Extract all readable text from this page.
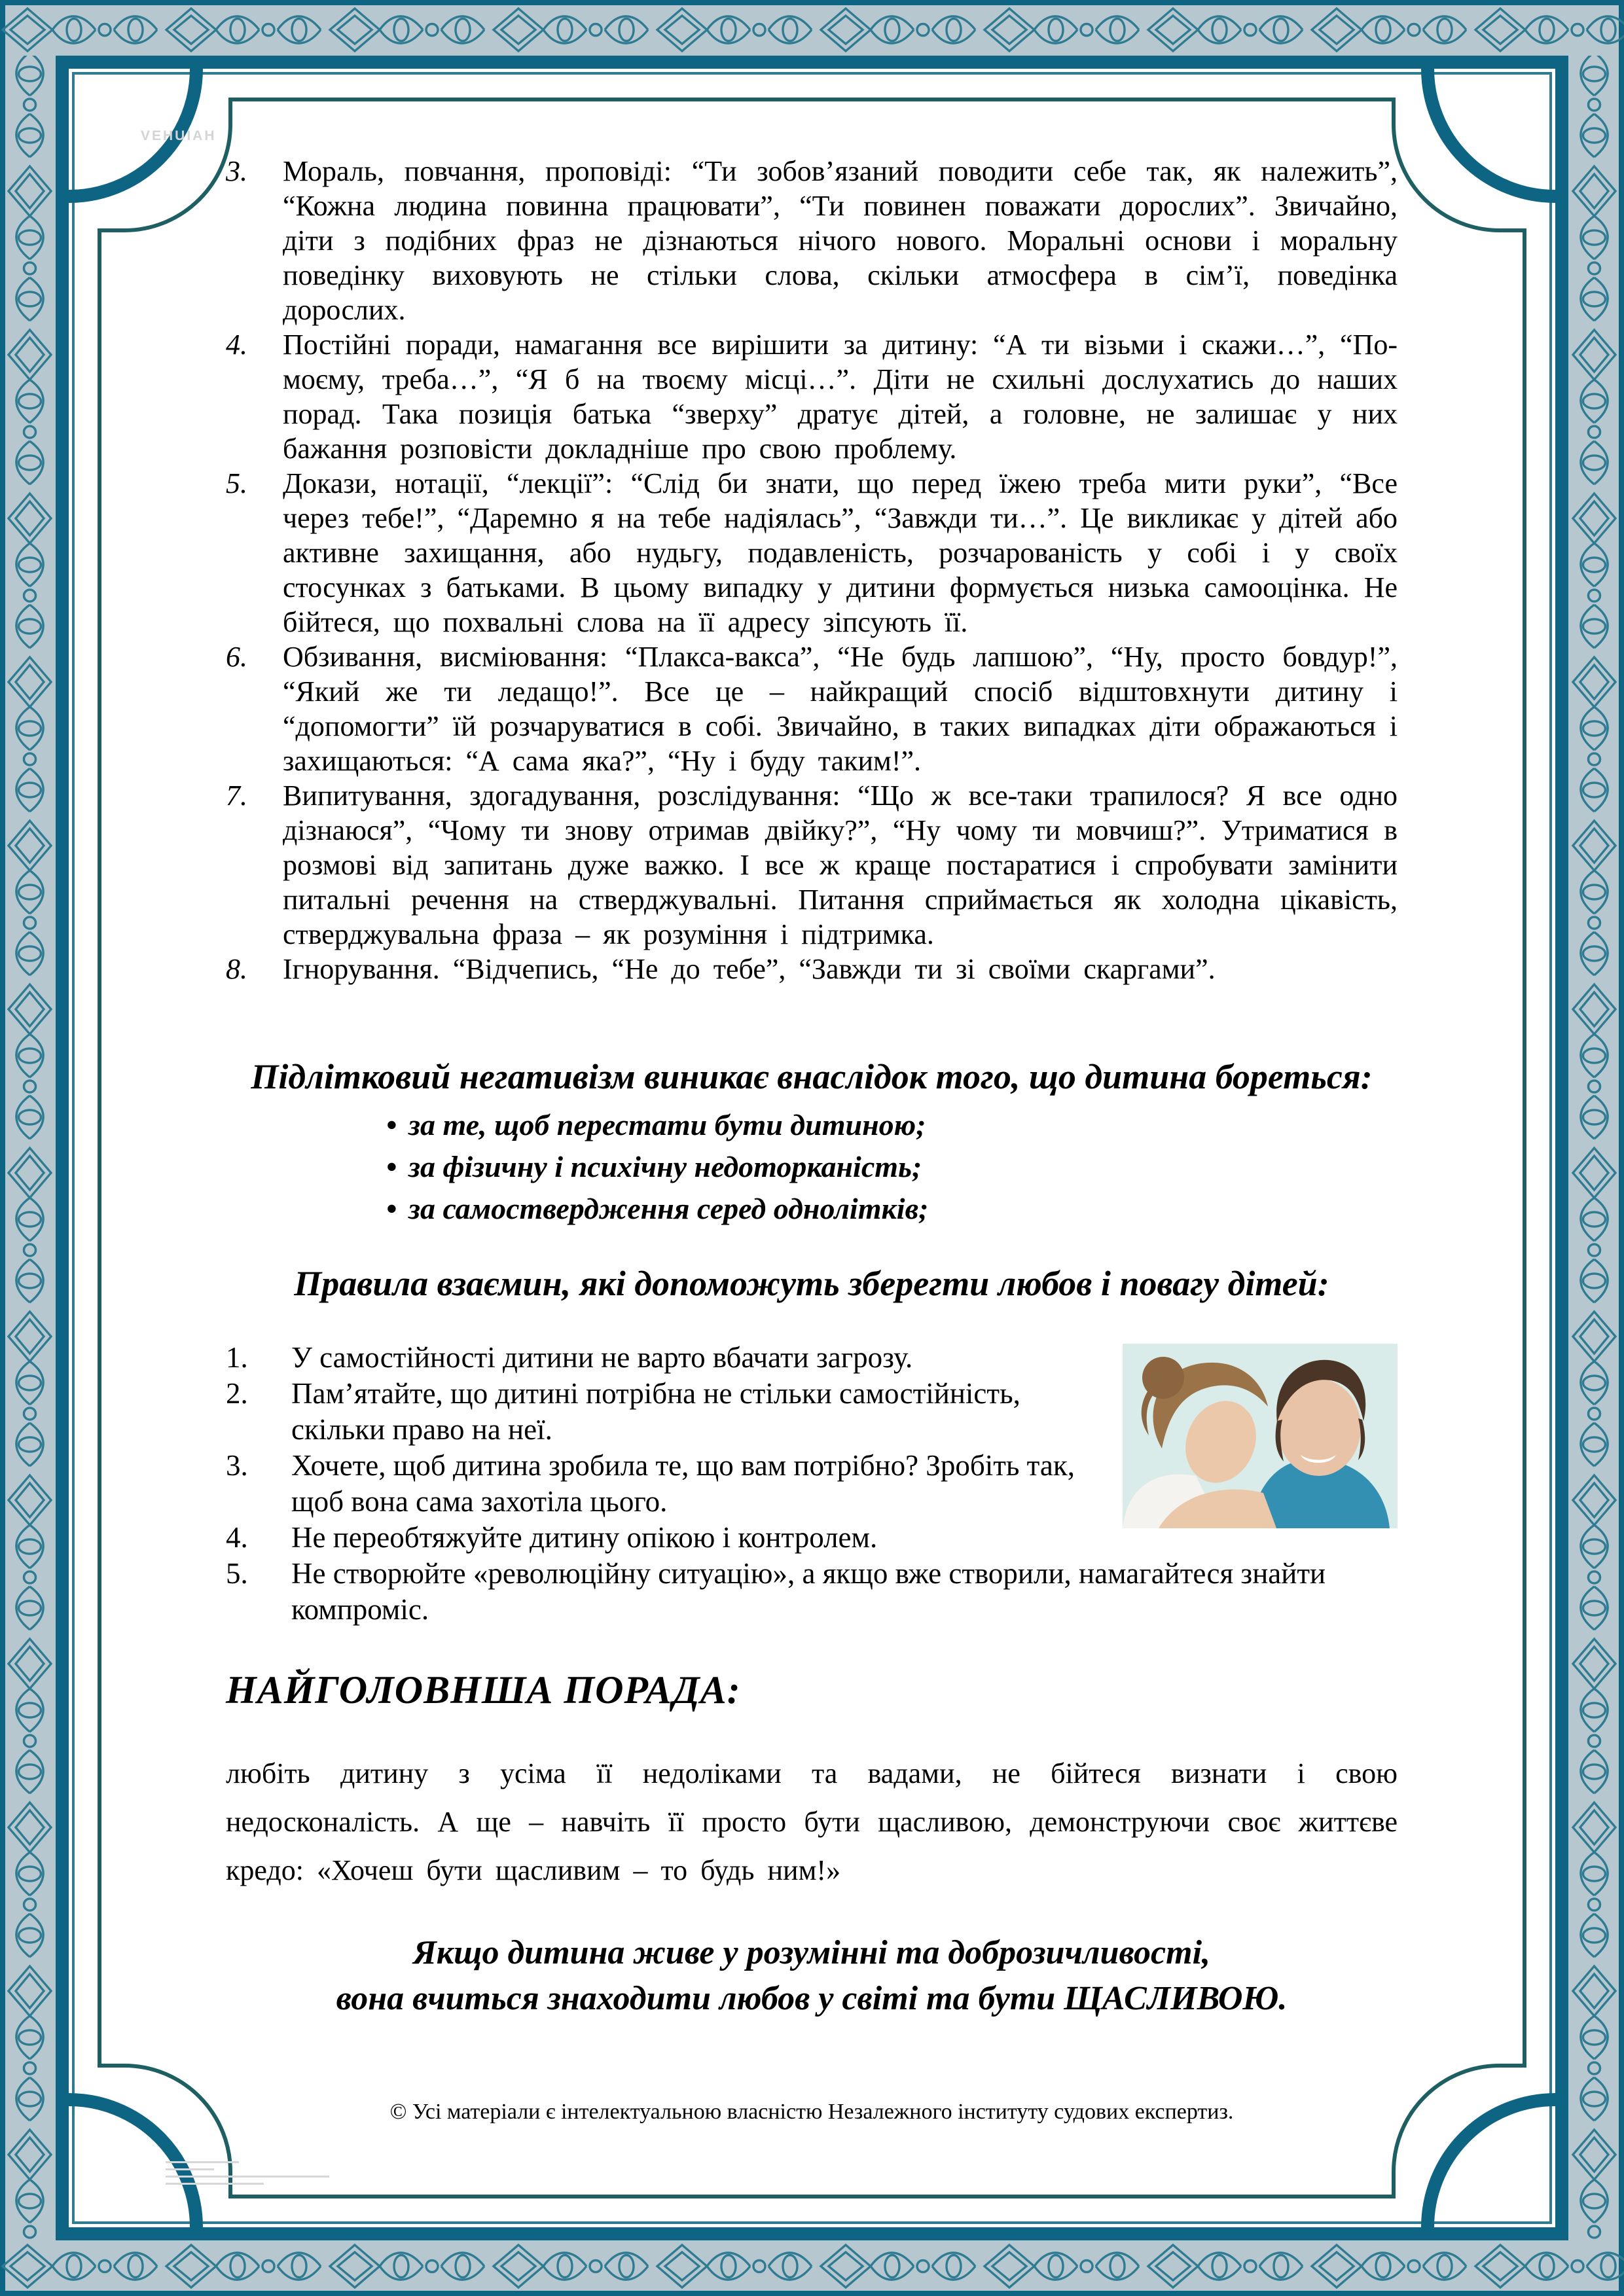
VEHUIAH
3. Мораль, повчання, проповіді: “Ти зобов’язаний поводити себе так, як належить”, “Кожна людина повинна працювати”, “Ти повинен поважати дорослих”. Звичайно, діти з подібних фраз не дізнаються нічого нового. Моральні основи і моральну поведінку виховують не стільки слова, скільки атмосфера в сім’ї, поведінка дорослих.
4. Постійні поради, намагання все вирішити за дитину: “А ти візьми і скажи…”, “По-моєму, треба…”, “Я б на твоєму місці…”. Діти не схильні дослухатись до наших порад. Така позиція батька “зверху” дратує дітей, а головне, не залишає у них бажання розповісти докладніше про свою проблему.
5. Докази, нотації, “лекції”: “Слід би знати, що перед їжею треба мити руки”, “Все через тебе!”, “Даремно я на тебе надіялась”, “Завжди ти…”. Це викликає у дітей або активне захищання, або нудьгу, подавленість, розчарованість у собі і у своїх стосунках з батьками. В цьому випадку у дитини формується низька самооцінка. Не бійтеся, що похвальні слова на її адресу зіпсують її.
6. Обзивання, висміювання: “Плакса-вакса”, “Не будь лапшою”, “Ну, просто бовдур!”, “Який же ти ледащо!”. Все це – найкращий спосіб відштовхнути дитину і “допомогти” їй розчаруватися в собі. Звичайно, в таких випадках діти ображаються і захищаються: “А сама яка?”, “Ну і буду таким!”.
7. Випитування, здогадування, розслідування: “Що ж все-таки трапилося? Я все одно дізнаюся”, “Чому ти знову отримав двійку?”, “Ну чому ти мовчиш?”. Утриматися в розмові від запитань дуже важко. І все ж краще постаратися і спробувати замінити питальні речення на стверджувальні. Питання сприймається як холодна цікавість, стверджувальна фраза – як розуміння і підтримка.
8. Ігнорування. “Відчепись, “Не до тебе”, “Завжди ти зі своїми скаргами”.
Підлітковий негативізм виникає внаслідок того, що дитина бореться:
• за те, щоб перестати бути дитиною;
• за фізичну і психічну недоторканість;
• за самоствердження серед однолітків;
Правила взаємин, які допоможуть зберегти любов і повагу дітей:
1. У самостійності дитини не варто вбачати загрозу.
2. Пам’ятайте, що дитині потрібна не стільки самостійність, скільки право на неї.
3. Хочете, щоб дитина зробила те, що вам потрібно? Зробіть так, щоб вона сама захотіла цього.
4. Не переобтяжуйте дитину опікою і контролем.
5. Не створюйте «революційну ситуацію», а якщо вже створили, намагайтеся знайти компроміс.
НАЙГОЛОВНША ПОРАДА:
любіть дитину з усіма її недоліками та вадами, не бійтеся визнати і свою недосконалість. А ще – навчіть її просто бути щасливою, демонструючи своє життєве кредо: «Хочеш бути щасливим – то будь ним!»
Якщо дитина живе у розумінні та доброзичливості,
вона вчиться знаходити любов у світі та бути ЩАСЛИВОЮ.
© Усі матеріали є інтелектуальною власністю Незалежного інституту судових експертиз.
